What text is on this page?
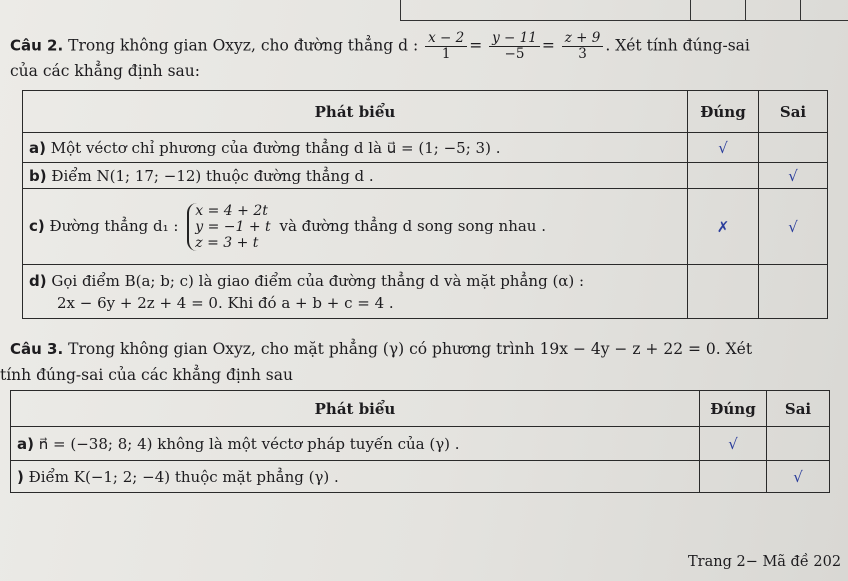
Câu 2. Trong không gian Oxyz, cho đường thẳng d : $\frac{x - 2}{1} = \frac{y - 11}{-5} = \frac{z + 9}{3}$ . Xét tính đúng-sai
của các khẳng định sau:
Phát biểu	Đúng	Sai
a) Một véctơ chỉ phương của đường thẳng d là u⃗ = (1; −5; 3) .	√	
b) Điểm N(1; 17; −12) thuộc đường thẳng d .		√
c) Đường thẳng d₁ : x = 4 + 2t
y = −1 + t
z = 3 + t và đường thẳng d song song nhau .	✗	√
d) Gọi điểm B(a; b; c) là giao điểm của đường thẳng d và mặt phẳng (α) :
2x − 6y + 2z + 4 = 0. Khi đó a + b + c = 4 .		
Câu 3. Trong không gian Oxyz, cho mặt phẳng (γ) có phương trình 19x − 4y − z + 22 = 0. Xét
tính đúng-sai của các khẳng định sau
Phát biểu	Đúng	Sai
a) n⃗ = (−38; 8; 4) không là một véctơ pháp tuyến của (γ) .	√	
) Điểm K(−1; 2; −4) thuộc mặt phẳng (γ) .		√
Trang 2− Mã đề 202
